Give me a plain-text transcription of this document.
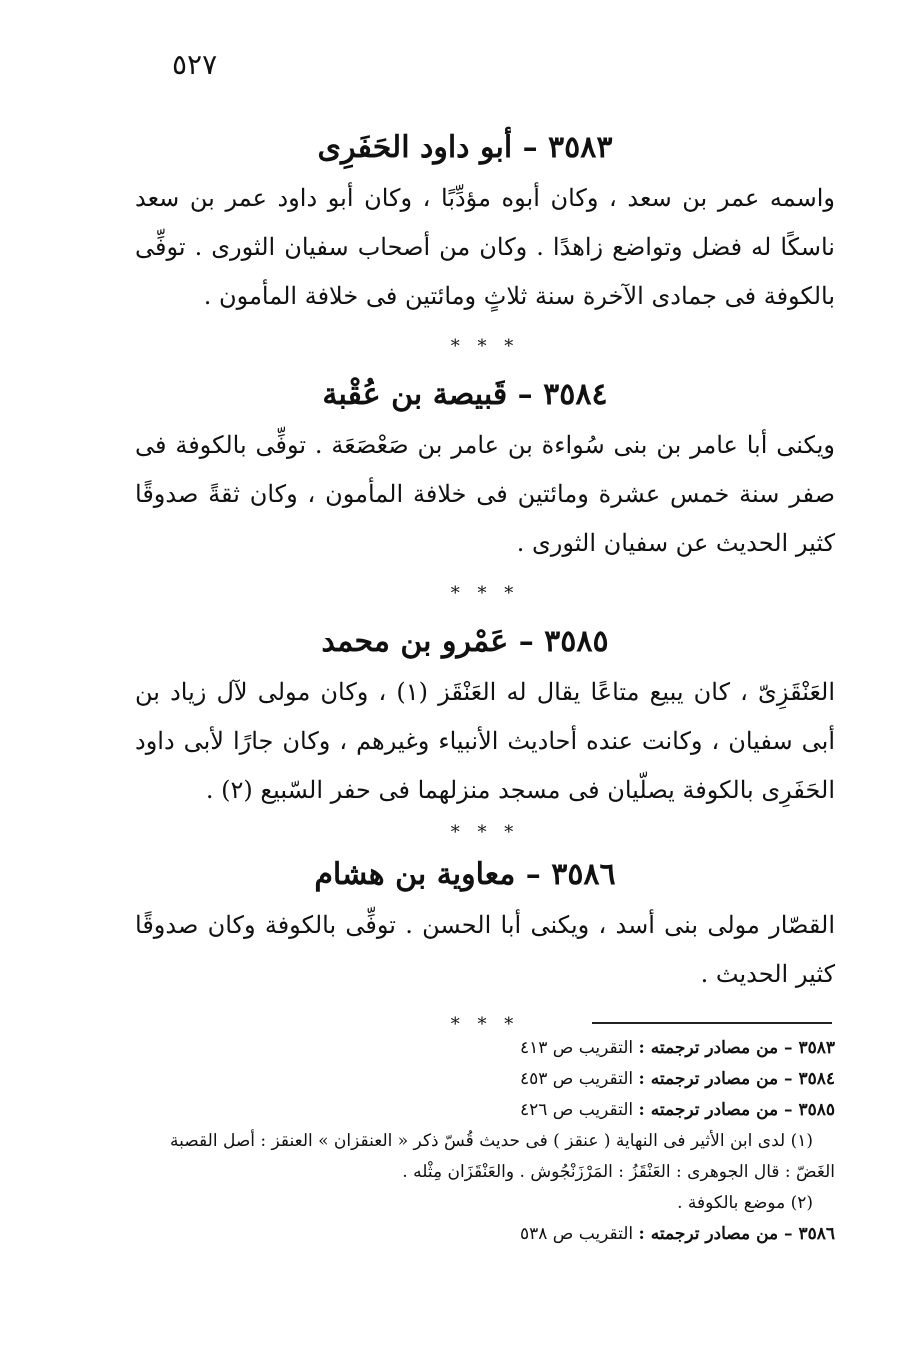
٥٢٧
٣٥٨٣ – أبو داود الحَفَرِى

واسمه عمر بن سعد ، وكان أبوه مؤدِّبًا ، وكان أبو داود عمر بن سعد ناسكًا له فضل وتواضع زاهدًا . وكان من أصحاب سفيان الثورى . توفِّى بالكوفة فى جمادى الآخرة سنة ثلاثٍ ومائتين فى خلافة المأمون .

* * *
٣٥٨٤ – قَبيصة بن عُقْبة

ويكنى أبا عامر بن بنى سُواءة بن عامر بن صَعْصَعَة . توفِّى بالكوفة فى صفر سنة خمس عشرة ومائتين فى خلافة المأمون ، وكان ثقةً صدوقًا كثير الحديث عن سفيان الثورى .

* * *
٣٥٨٥ – عَمْرو بن محمد

العَنْقَزِىّ ، كان يبيع متاعًا يقال له العَنْقَز (١) ، وكان مولى لآل زياد بن أبى سفيان ، وكانت عنده أحاديث الأنبياء وغيرهم ، وكان جارًا لأبى داود الحَفَرِى بالكوفة يصلّيان فى مسجد منزلهما فى حفر السّبيع (٢) .

* * *
٣٥٨٦ – معاوية بن هشام

القصّار مولى بنى أسد ، ويكنى أبا الحسن . توفِّى بالكوفة وكان صدوقًا كثير الحديث .

* * *
٣٥٨٣ – من مصادر ترجمته : التقريب ص ٤١٣
٣٥٨٤ – من مصادر ترجمته : التقريب ص ٤٥٣
٣٥٨٥ – من مصادر ترجمته : التقريب ص ٤٢٦
(١) لدى ابن الأثير فى النهاية ( عنقز ) فى حديث قُسّ ذكر « العنقزان » العنقز : أصل القصبة
الغَضّ : قال الجوهرى : العَنْقَزُ : المَرْزَنْجُوش . والعَنْقَزَان مِثْله .
(٢) موضع بالكوفة .
٣٥٨٦ – من مصادر ترجمته : التقريب ص ٥٣٨
